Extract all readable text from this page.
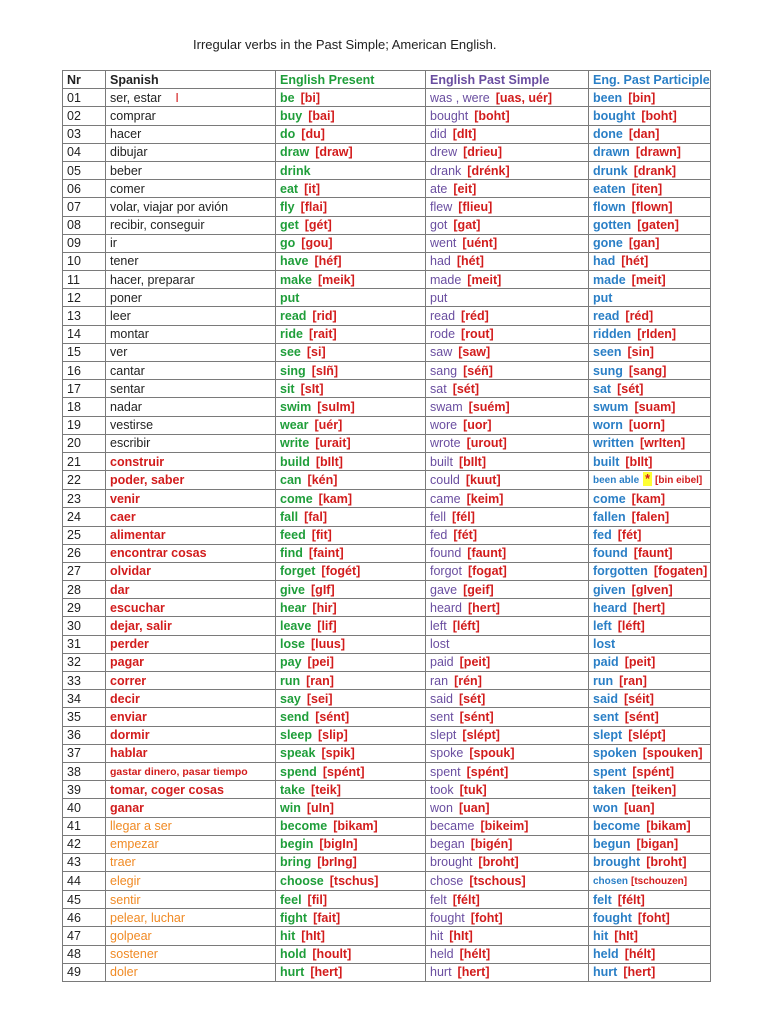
Irregular verbs in the Past Simple; American English.
Nr	Spanish	English Present	English Past Simple	Eng. Past Participle
01	ser, estar I	be [bi]	was , were [uas, uér]	been [bin]
02	comprar	buy [bai]	bought [boht]	bought [boht]
03	hacer	do [du]	did [dIt]	done [dan]
04	dibujar	draw [draw]	drew [drieu]	drawn [drawn]
05	beber	drink	drank [drénk]	drunk [drank]
06	comer	eat [it]	ate [eit]	eaten [iten]
07	volar, viajar por avión	fly [flai]	flew [flieu]	flown [flown]
08	recibir, conseguir	get [gét]	got [gat]	gotten [gaten]
09	ir	go [gou]	went [uént]	gone [gan]
10	tener	have [héf]	had [hét]	had [hét]
11	hacer, preparar	make [meik]	made [meit]	made [meit]
12	poner	put	put	put
13	leer	read [rid]	read [réd]	read [réd]
14	montar	ride [rait]	rode [rout]	ridden [rIden]
15	ver	see [si]	saw [saw]	seen [sin]
16	cantar	sing [sIñ]	sang [séñ]	sung [sang]
17	sentar	sit [sIt]	sat [sét]	sat [sét]
18	nadar	swim [suIm]	swam [suém]	swum [suam]
19	vestirse	wear [uér]	wore [uor]	worn [uorn]
20	escribir	write [urait]	wrote [urout]	written [wrIten]
21	construir	build [bIlt]	built [bIlt]	built [bIlt]
22	poder, saber	can [kén]	could [kuut]	been able * [bin eibel]
23	venir	come [kam]	came [keim]	come [kam]
24	caer	fall [fal]	fell [fél]	fallen [falen]
25	alimentar	feed [fit]	fed [fét]	fed [fét]
26	encontrar cosas	find [faint]	found [faunt]	found [faunt]
27	olvidar	forget [fogét]	forgot [fogat]	forgotten [fogaten]
28	dar	give [gIf]	gave [geif]	given [gIven]
29	escuchar	hear [hir]	heard [hert]	heard [hert]
30	dejar, salir	leave [lif]	left [léft]	left [léft]
31	perder	lose [luus]	lost	lost
32	pagar	pay [pei]	paid [peit]	paid [peit]
33	correr	run [ran]	ran [rén]	run [ran]
34	decir	say [sei]	said [sét]	said [séit]
35	enviar	send [sént]	sent [sént]	sent [sént]
36	dormir	sleep [slip]	slept [slépt]	slept [slépt]
37	hablar	speak [spik]	spoke [spouk]	spoken [spouken]
38	gastar dinero, pasar tiempo	spend [spént]	spent [spént]	spent [spént]
39	tomar, coger cosas	take [teik]	took [tuk]	taken [teiken]
40	ganar	win [uIn]	won [uan]	won [uan]
41	llegar a ser	become [bikam]	became [bikeim]	become [bikam]
42	empezar	begin [bigIn]	began [bigén]	begun [bigan]
43	traer	bring [brIng]	brought [broht]	brought [broht]
44	elegir	choose [tschus]	chose [tschous]	chosen [tschouzen]
45	sentir	feel [fil]	felt [félt]	felt [félt]
46	pelear, luchar	fight [fait]	fought [foht]	fought [foht]
47	golpear	hit [hIt]	hit [hIt]	hit [hIt]
48	sostener	hold [hoult]	held [hélt]	held [hélt]
49	doler	hurt [hert]	hurt [hert]	hurt [hert]
